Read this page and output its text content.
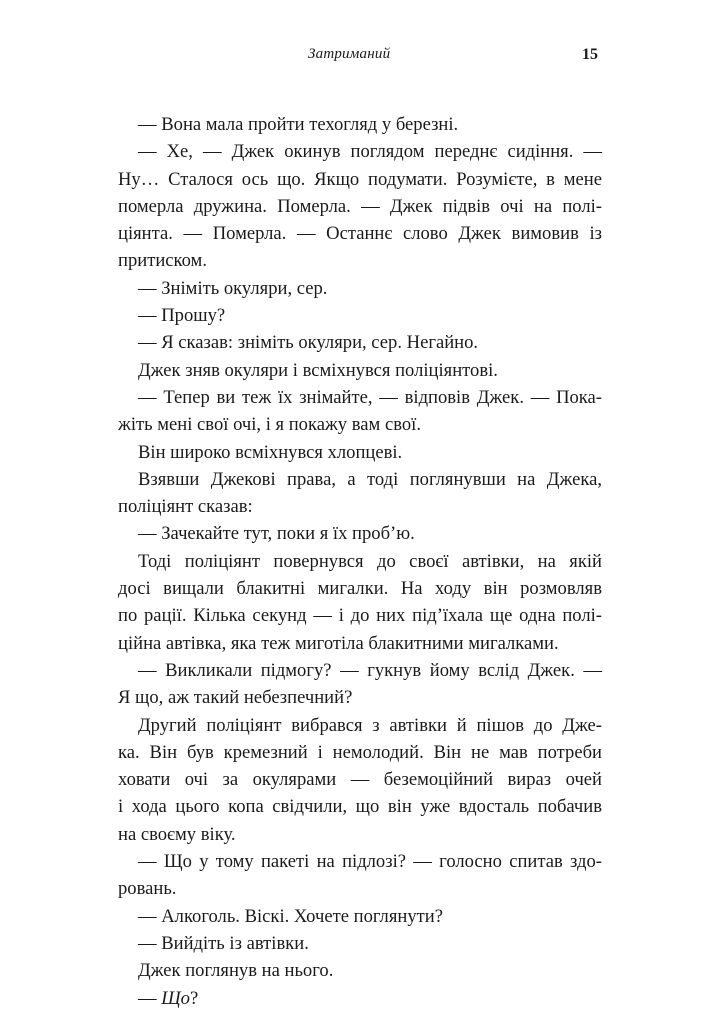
Затриманий	15
— Вона мала пройти техогляд у березні.
— Хе, — Джек окинув поглядом переднє сидіння. —
Ну… Сталося ось що. Якщо подумати. Розумієте, в мене
померла дружина. Померла. — Джек підвів очі на полі-
ціянта. — Померла. — Останнє слово Джек вимовив із
притиском.
— Зніміть окуляри, сер.
— Прошу?
— Я сказав: зніміть окуляри, сер. Негайно.
Джек зняв окуляри і всміхнувся поліціянтові.
— Тепер ви теж їх знімайте, — відповів Джек. — Пока-
жіть мені свої очі, і я покажу вам свої.
Він широко всміхнувся хлопцеві.
Взявши Джекові права, а тоді поглянувши на Джека,
поліціянт сказав:
— Зачекайте тут, поки я їх проб’ю.
Тоді поліціянт повернувся до своєї автівки, на якій
досі вищали блакитні мигалки. На ходу він розмовляв
по рації. Кілька секунд — і до них під’їхала ще одна полі-
ційна автівка, яка теж миготіла блакитними мигалками.
— Викликали підмогу? — гукнув йому вслід Джек. —
Я що, аж такий небезпечний?
Другий поліціянт вибрався з автівки й пішов до Дже-
ка. Він був кремезний і немолодий. Він не мав потреби
ховати очі за окулярами — беземоційний вираз очей
і хода цього копа свідчили, що він уже вдосталь побачив
на своєму віку.
— Що у тому пакеті на підлозі? — голосно спитав здо-
ровань.
— Алкоголь. Віскі. Хочете поглянути?
— Вийдіть із автівки.
Джек поглянув на нього.
— Що?
